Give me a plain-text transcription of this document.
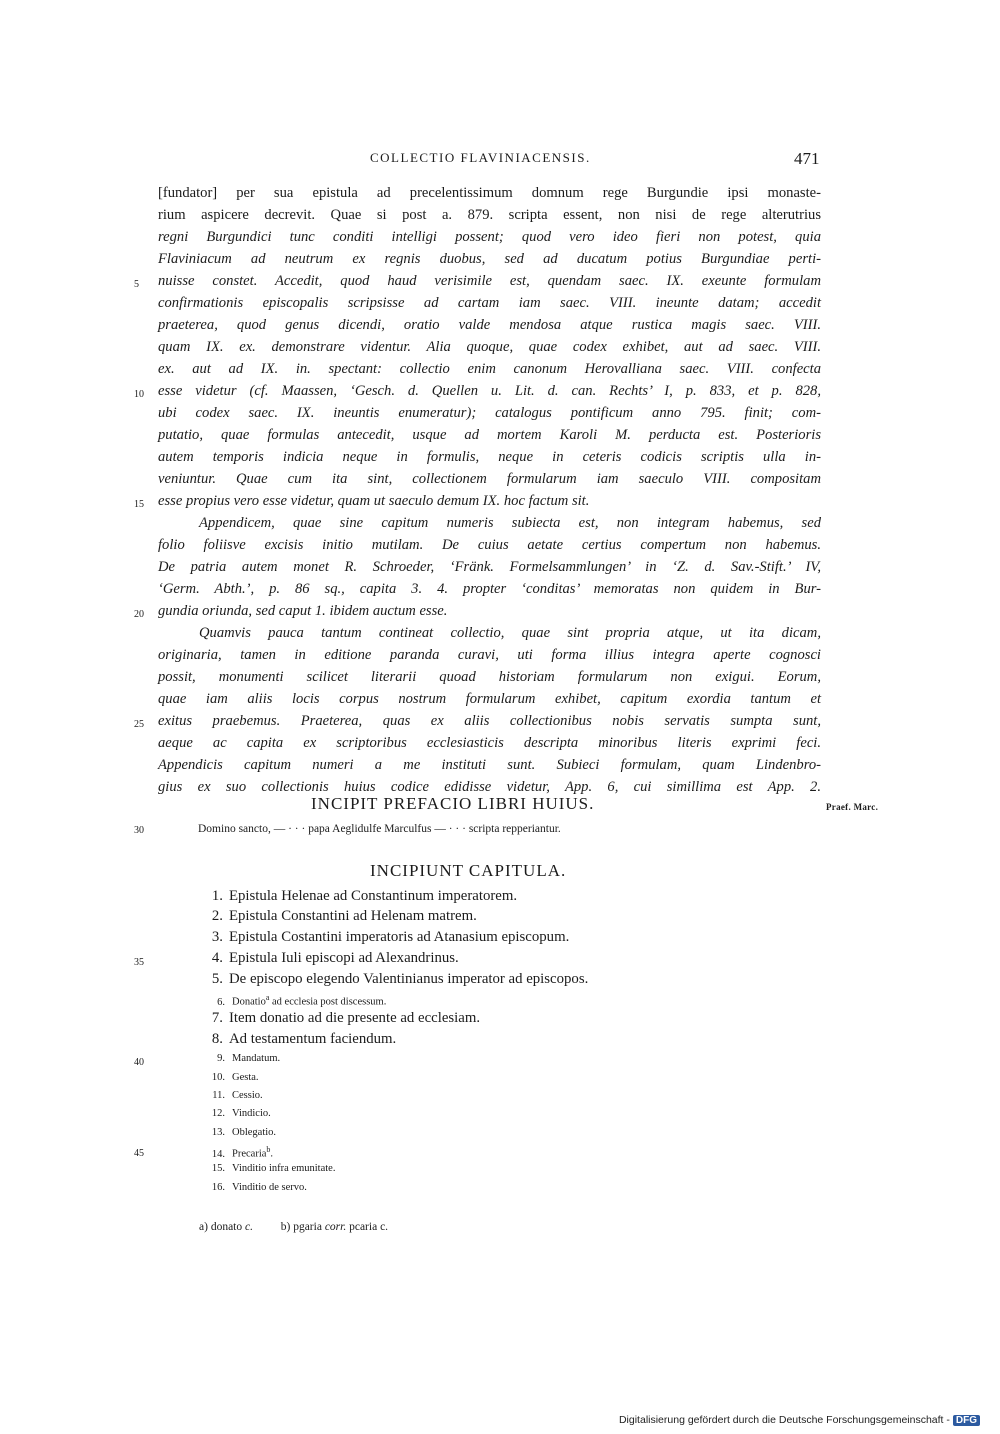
COLLECTIO FLAVINIACENSIS.	471
[fundator] per sua epistula ad precelentissimum domnum rege Burgundie ipsi monaste-
rium aspicere decrevit. Quae si post a. 879. scripta essent, non nisi de rege alterutrius
regni Burgundici tunc conditi intelligi possent; quod vero ideo fieri non potest, quia
Flaviniacum ad neutrum ex regnis duobus, sed ad ducatum potius Burgundiae perti-
nuisse constet. Accedit, quod haud verisimile est, quendam saec. IX. exeunte formulam
confirmationis episcopalis scripsisse ad cartam iam saec. VIII. ineunte datam; accedit
praeterea, quod genus dicendi, oratio valde mendosa atque rustica magis saec. VIII.
quam IX. ex. demonstrare videntur. Alia quoque, quae codex exhibet, aut ad saec. VIII.
ex. aut ad IX. in. spectant: collectio enim canonum Herovalliana saec. VIII. confecta
esse videtur (cf. Maassen, ‘Gesch. d. Quellen u. Lit. d. can. Rechts’ I, p. 833, et p. 828,
ubi codex saec. IX. ineuntis enumeratur); catalogus pontificum anno 795. finit; com-
putatio, quae formulas antecedit, usque ad mortem Karoli M. perducta est. Posterioris
autem temporis indicia neque in formulis, neque in ceteris codicis scriptis ulla in-
veniuntur. Quae cum ita sint, collectionem formularum iam saeculo VIII. compositam
esse propius vero esse videtur, quam ut saeculo demum IX. hoc factum sit.
Appendicem, quae sine capitum numeris subiecta est, non integram habemus, sed
folio foliisve excisis initio mutilam. De cuius aetate certius compertum non habemus.
De patria autem monet R. Schroeder, ‘Fränk. Formelsammlungen’ in ‘Z. d. Sav.-Stift.’ IV,
‘Germ. Abth.’, p. 86 sq., capita 3. 4. propter ‘conditas’ memoratas non quidem in Bur-
gundia oriunda, sed caput 1. ibidem auctum esse.
Quamvis pauca tantum contineat collectio, quae sint propria atque, ut ita dicam,
originaria, tamen in editione paranda curavi, uti forma illius integra aperte cognosci
possit, monumenti scilicet literarii quoad historiam formularum non exigui. Eorum,
quae iam aliis locis corpus nostrum formularum exhibet, capitum exordia tantum et
exitus praebemus. Praeterea, quas ex aliis collectionibus nobis servatis sumpta sunt,
aeque ac capita ex scriptoribus ecclesiasticis descripta minoribus literis exprimi feci.
Appendicis capitum numeri a me instituti sunt. Subieci formulam, quam Lindenbro-
gius ex suo collectionis huius codice edidisse videtur, App. 6, cui simillima est App. 2.
5
10
15
20
25
INCIPIT PREFACIO LIBRI HUIUS.	Praef. Marc.
30	Domino sancto, — · · · papa Aeglidulfe Marculfus — · · · scripta repperiantur.
INCIPIUNT CAPITULA.
1. Epistula Helenae ad Constantinum imperatorem.
2. Epistula Constantini ad Helenam matrem.
3. Epistula Costantini imperatoris ad Atanasium episcopum.
4. Epistula Iuli episcopi ad Alexandrinus.
5. De episcopo elegendo Valentinianus imperator ad episcopos.
6. Donatio$^a$ ad ecclesia post discessum.
7. Item donatio ad die presente ad ecclesiam.
8. Ad testamentum faciendum.
9. Mandatum.
10. Gesta.
11. Cessio.
12. Vindicio.
13. Oblegatio.
14. Precaria$^b$.
15. Vinditio infra emunitate.
16. Vinditio de servo.
35
40
45
a) donato c. b) pgaria corr. pcaria c.
Digitalisierung gefördert durch die Deutsche Forschungsgemeinschaft - DFG
